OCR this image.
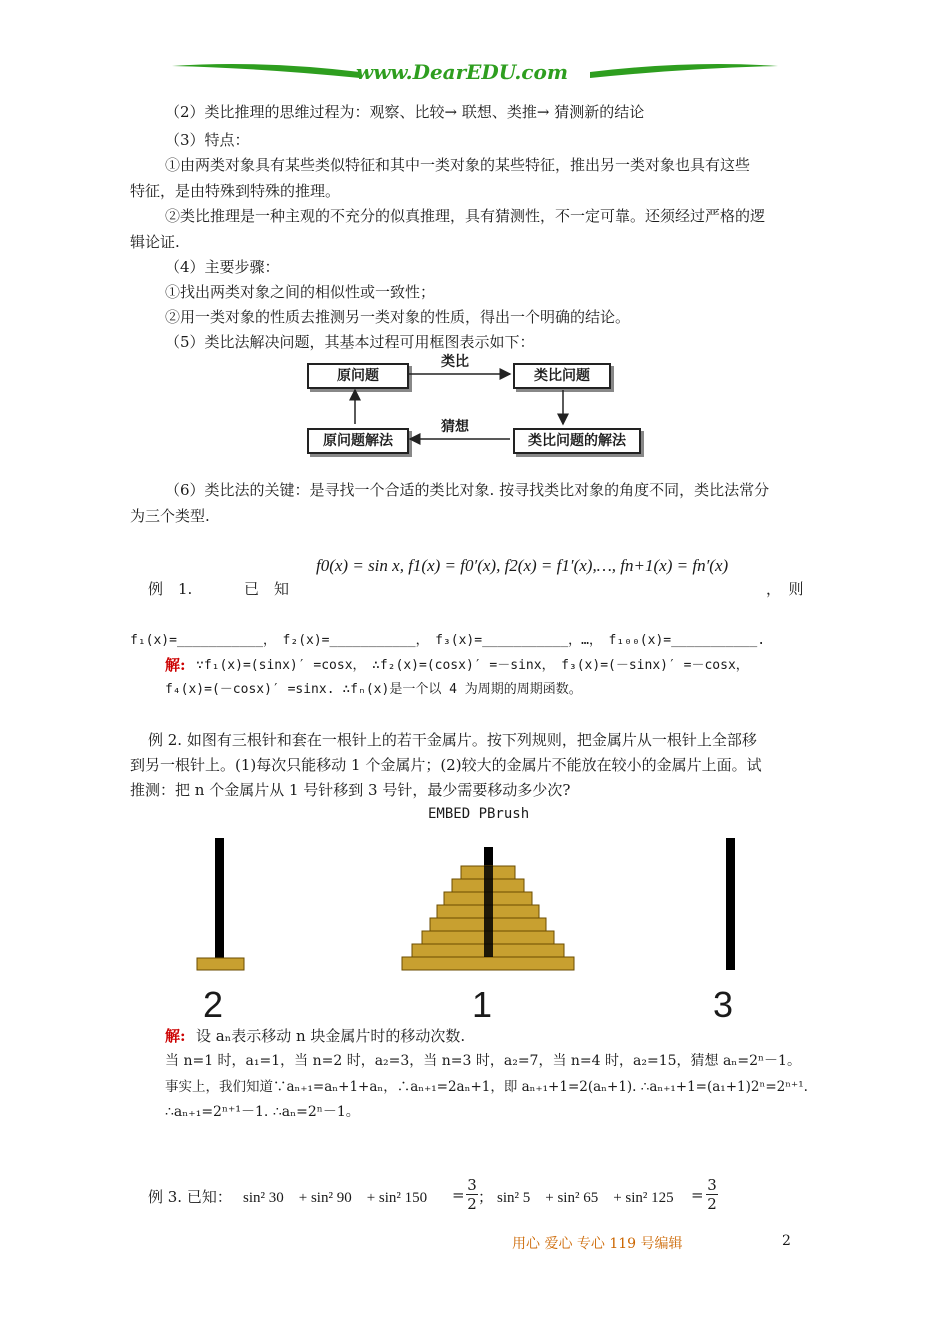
www.DearEDU.com
（2）类比推理的思维过程为：观察、比较→ 联想、类推→ 猜测新的结论
（3）特点：
①由两类对象具有某些类似特征和其中一类对象的某些特征，推出另一类对象也具有这些
特征，是由特殊到特殊的推理。
②类比推理是一种主观的不充分的似真推理，具有猜测性，不一定可靠。还须经过严格的逻
辑论证.
（4）主要步骤：
①找出两类对象之间的相似性或一致性；
②用一类对象的性质去推测另一类对象的性质，得出一个明确的结论。
（5）类比法解决问题，其基本过程可用框图表示如下：
原问题	类比问题
原问题解法	类比问题的解法
类比
猜想
（6）类比法的关键：是寻找一个合适的类比对象. 按寻找类比对象的角度不同，类比法常分
为三个类型.
f0(x) = sin x, f1(x) = f0′(x), f2(x) = f1′(x),…, fn+1(x) = fn′(x)
例　1.	已　知	，　则
f₁(x)=___________，　f₂(x)=___________，　f₃(x)=___________，…，　f₁₀₀(x)=___________.
解: ∵f₁(x)=(sinx)′ =cosx，　∴f₂(x)=(cosx)′ =－sinx，　f₃(x)=(－sinx)′ =－cosx，
f₄(x)=(－cosx)′ =sinx. ∴fₙ(x)是一个以 4 为周期的周期函数。
例 2. 如图有三根针和套在一根针上的若干金属片。按下列规则，把金属片从一根针上全部移
到另一根针上。(1)每次只能移动 1 个金属片；(2)较大的金属片不能放在较小的金属片上面。试
推测：把 n 个金属片从 1 号针移到 3 号针，最少需要移动多少次?
EMBED PBrush
2	1	3
解: 设 aₙ表示移动 n 块金属片时的移动次数.
当 n=1 时，a₁=1，当 n=2 时，a₂=3，当 n=3 时，a₂=7，当 n=4 时，a₂=15，猜想 aₙ=2ⁿ－1。
事实上，我们知道∵aₙ₊₁=aₙ+1+aₙ，∴aₙ₊₁=2aₙ+1，即 aₙ₊₁+1=2(aₙ+1). ∴aₙ₊₁+1=(a₁+1)2ⁿ=2ⁿ⁺¹.
∴aₙ₊₁=2ⁿ⁺¹－1. ∴aₙ=2ⁿ－1。
例 3. 已知： sin² 30　+ sin² 90　+ sin² $150 = \frac{3}{2}$ ； sin² 5　+ sin² 65　+ sin² $125 = \frac{3}{2}$
用心 爱心 专心 119 号编辑	2
